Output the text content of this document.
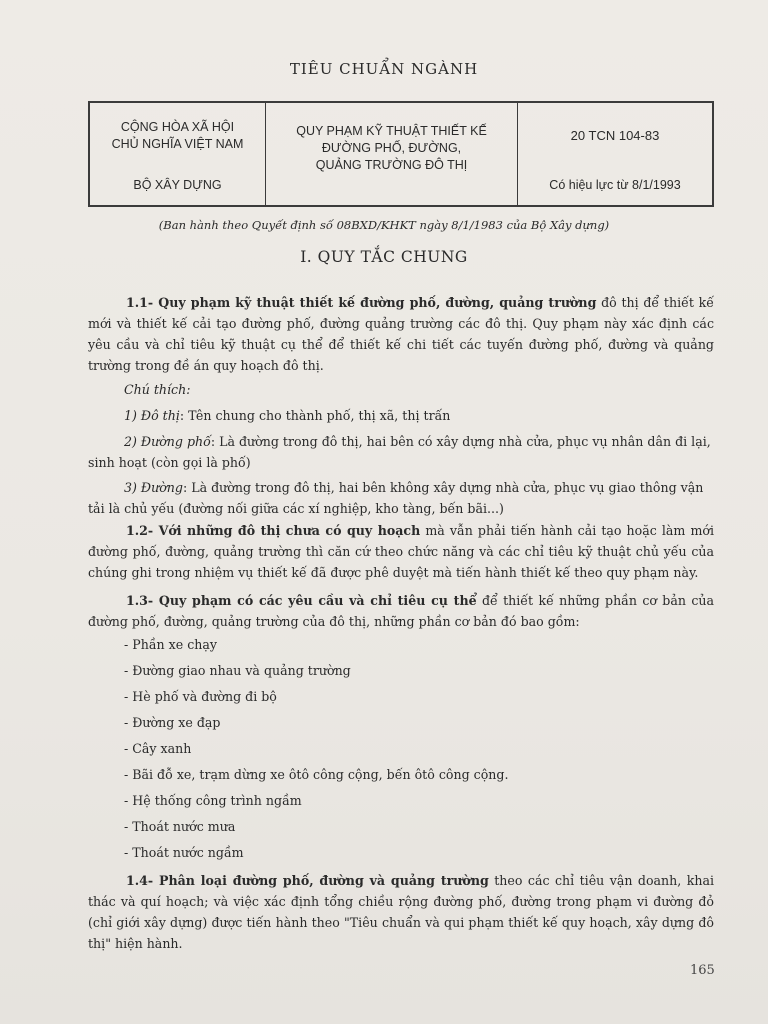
TIÊU CHUẨN NGÀNH
CỘNG HÒA XÃ HỘI
CHỦ NGHĨA VIỆT NAM
BỘ XÂY DỰNG
QUY PHẠM KỸ THUẬT THIẾT KẾ
ĐƯỜNG PHỐ, ĐƯỜNG,
QUẢNG TRƯỜNG ĐÔ THỊ
20 TCN 104-83
Có hiệu lực từ 8/1/1993
(Ban hành theo Quyết định số 08BXD/KHKT ngày 8/1/1983 của Bộ Xây dựng)
I. QUY TẮC CHUNG
1.1- Quy phạm kỹ thuật thiết kế đường phố, đường, quảng trường đô thị để thiết kế mới và thiết kế cải tạo đường phố, đường quảng trường các đô thị. Quy phạm này xác định các yêu cầu và chỉ tiêu kỹ thuật cụ thể để thiết kế chi tiết các tuyến đường phố, đường và quảng trường trong đề án quy hoạch đô thị.
Chú thích:
1) Đô thị: Tên chung cho thành phố, thị xã, thị trấn
2) Đường phố: Là đường trong đô thị, hai bên có xây dựng nhà cửa, phục vụ nhân dân đi lại, sinh hoạt (còn gọi là phố)
3) Đường: Là đường trong đô thị, hai bên không xây dựng nhà cửa, phục vụ giao thông vận tải là chủ yếu (đường nối giữa các xí nghiệp, kho tàng, bến bãi...)
1.2- Với những đô thị chưa có quy hoạch mà vẫn phải tiến hành cải tạo hoặc làm mới đường phố, đường, quảng trường thì căn cứ theo chức năng và các chỉ tiêu kỹ thuật chủ yếu của chúng ghi trong nhiệm vụ thiết kế đã được phê duyệt mà tiến hành thiết kế theo quy phạm này.
1.3- Quy phạm có các yêu cầu và chỉ tiêu cụ thể để thiết kế những phần cơ bản của đường phố, đường, quảng trường của đô thị, những phần cơ bản đó bao gồm:
- Phần xe chạy
- Đường giao nhau và quảng trường
- Hè phố và đường đi bộ
- Đường xe đạp
- Cây xanh
- Bãi đỗ xe, trạm dừng xe ôtô công cộng, bến ôtô công cộng.
- Hệ thống công trình ngầm
- Thoát nước mưa
- Thoát nước ngầm
1.4- Phân loại đường phố, đường và quảng trường theo các chỉ tiêu vận doanh, khai thác và quí hoạch; và việc xác định tổng chiều rộng đường phố, đường trong phạm vi đường đỏ (chỉ giới xây dựng) được tiến hành theo "Tiêu chuẩn và qui phạm thiết kế quy hoạch, xây dựng đô thị" hiện hành.
165
